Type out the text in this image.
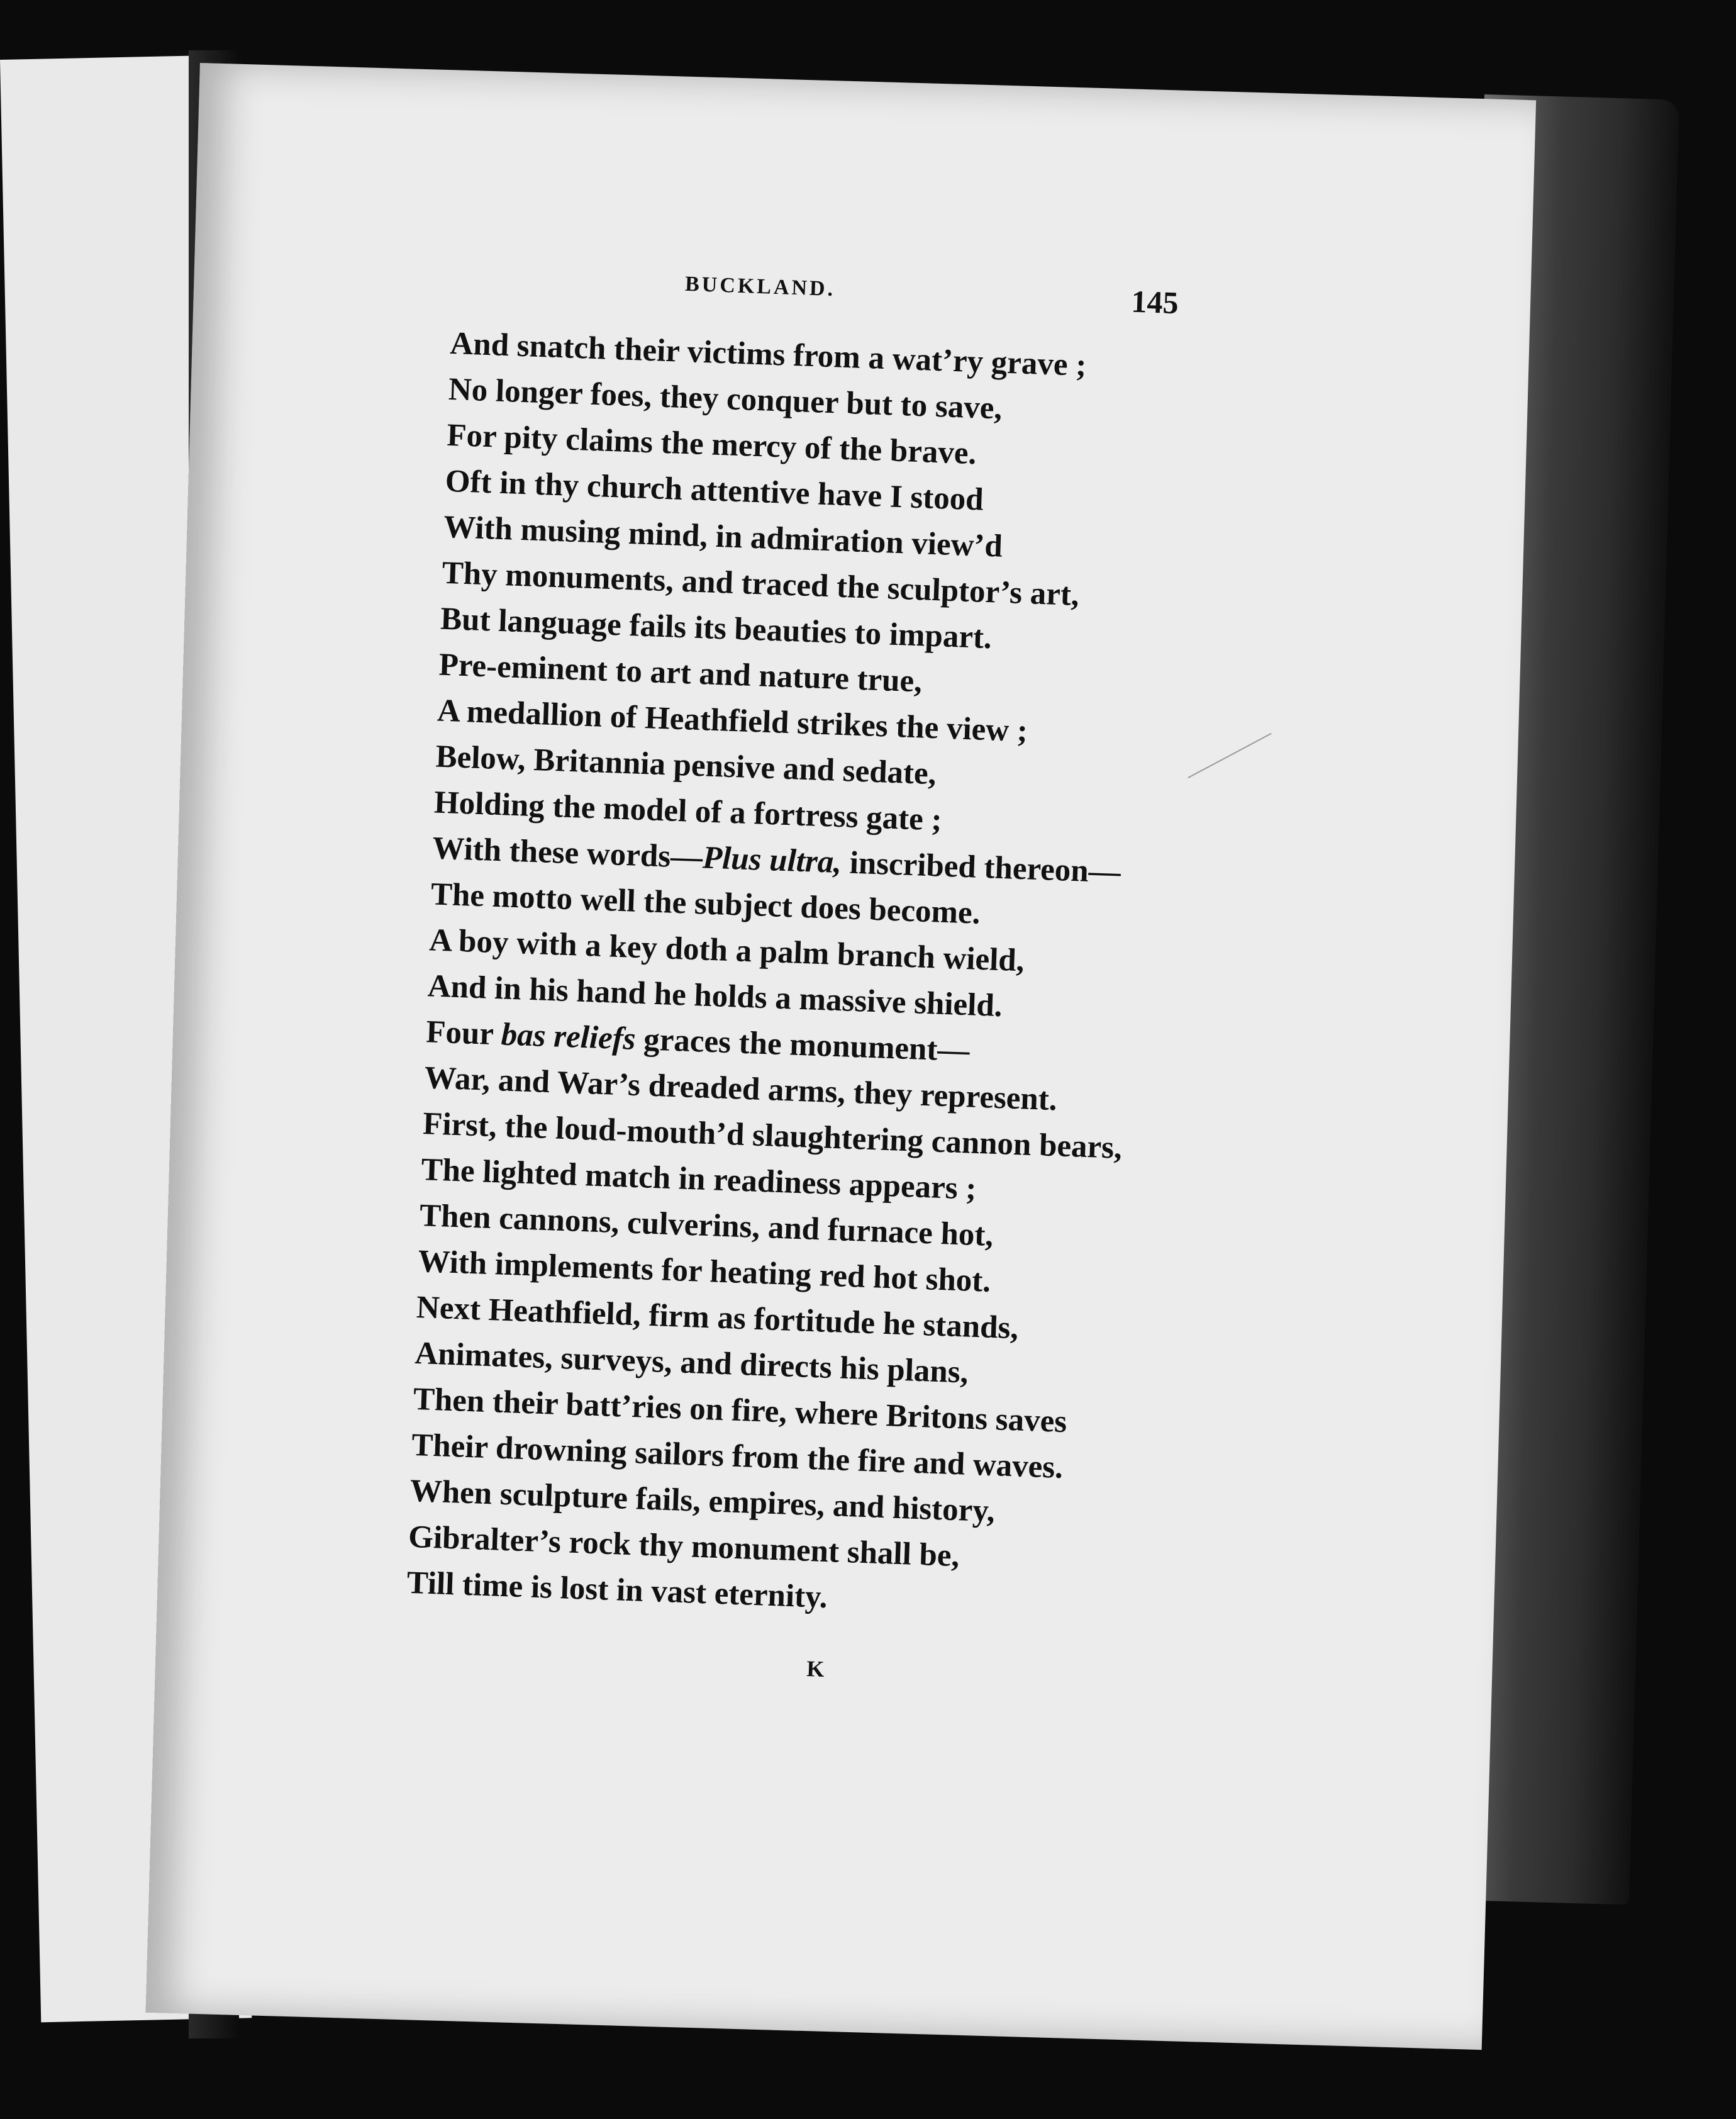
BUCKLAND.	145
And snatch their victims from a wat’ry grave ;
No longer foes, they conquer but to save,
For pity claims the mercy of the brave.
Oft in thy church attentive have I stood
With musing mind, in admiration view’d
Thy monuments, and traced the sculptor’s art,
But language fails its beauties to impart.
Pre-eminent to art and nature true,
A medallion of Heathfield strikes the view ;
Below, Britannia pensive and sedate,
Holding the model of a fortress gate ;
With these words—Plus ultra, inscribed thereon—
The motto well the subject does become.
A boy with a key doth a palm branch wield,
And in his hand he holds a massive shield.
Four bas reliefs graces the monument—
War, and War’s dreaded arms, they represent.
First, the loud-mouth’d slaughtering cannon bears,
The lighted match in readiness appears ;
Then cannons, culverins, and furnace hot,
With implements for heating red hot shot.
Next Heathfield, firm as fortitude he stands,
Animates, surveys, and directs his plans,
Then their batt’ries on fire, where Britons saves
Their drowning sailors from the fire and waves.
When sculpture fails, empires, and history,
Gibralter’s rock thy monument shall be,
Till time is lost in vast eternity.
K
